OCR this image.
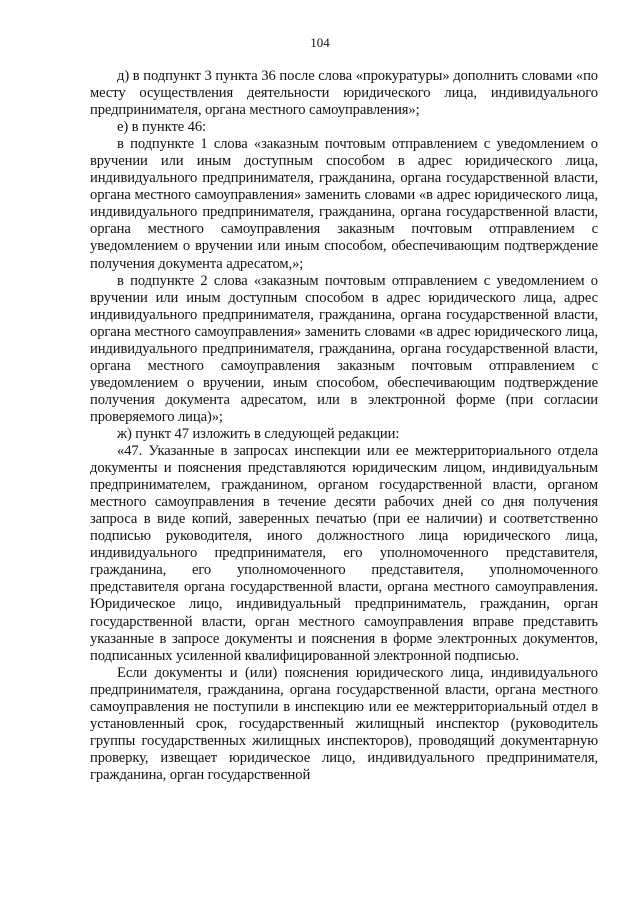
104

д) в подпункт 3 пункта 36 после слова «прокуратуры» дополнить словами «по месту осуществления деятельности юридического лица, индивидуального предпринимателя, органа местного самоуправления»;

е) в пункте 46:

в подпункте 1 слова «заказным почтовым отправлением с уведомлением о вручении или иным доступным способом в адрес юридического лица, индивидуального предпринимателя, гражданина, органа государственной власти, органа местного самоуправления» заменить словами «в адрес юридического лица, индивидуального предпринимателя, гражданина, органа государственной власти, органа местного самоуправления заказным почтовым отправлением с уведомлением о вручении или иным способом, обеспечивающим подтверждение получения документа адресатом,»;

в подпункте 2 слова «заказным почтовым отправлением с уведомлением о вручении или иным доступным способом в адрес юридического лица, адрес индивидуального предпринимателя, гражданина, органа государственной власти, органа местного самоуправления» заменить словами «в адрес юридического лица, индивидуального предпринимателя, гражданина, органа государственной власти, органа местного самоуправления заказным почтовым отправлением с уведомлением о вручении, иным способом, обеспечивающим подтверждение получения документа адресатом, или в электронной форме (при согласии проверяемого лица)»;

ж) пункт 47 изложить в следующей редакции:

«47. Указанные в запросах инспекции или ее межтерриториального отдела документы и пояснения представляются юридическим лицом, индивидуальным предпринимателем, гражданином, органом государственной власти, органом местного самоуправления в течение десяти рабочих дней со дня получения запроса в виде копий, заверенных печатью (при ее наличии) и соответственно подписью руководителя, иного должностного лица юридического лица, индивидуального предпринимателя, его уполномоченного представителя, гражданина, его уполномоченного представителя, уполномоченного представителя органа государственной власти, органа местного самоуправления. Юридическое лицо, индивидуальный предприниматель, гражданин, орган государственной власти, орган местного самоуправления вправе представить указанные в запросе документы и пояснения в форме электронных документов, подписанных усиленной квалифицированной электронной подписью.

Если документы и (или) пояснения юридического лица, индивидуального предпринимателя, гражданина, органа государственной власти, органа местного самоуправления не поступили в инспекцию или ее межтерриториальный отдел в установленный срок, государственный жилищный инспектор (руководитель группы государственных жилищных инспекторов), проводящий документарную проверку, извещает юридическое лицо, индивидуального предпринимателя, гражданина, орган государственной
